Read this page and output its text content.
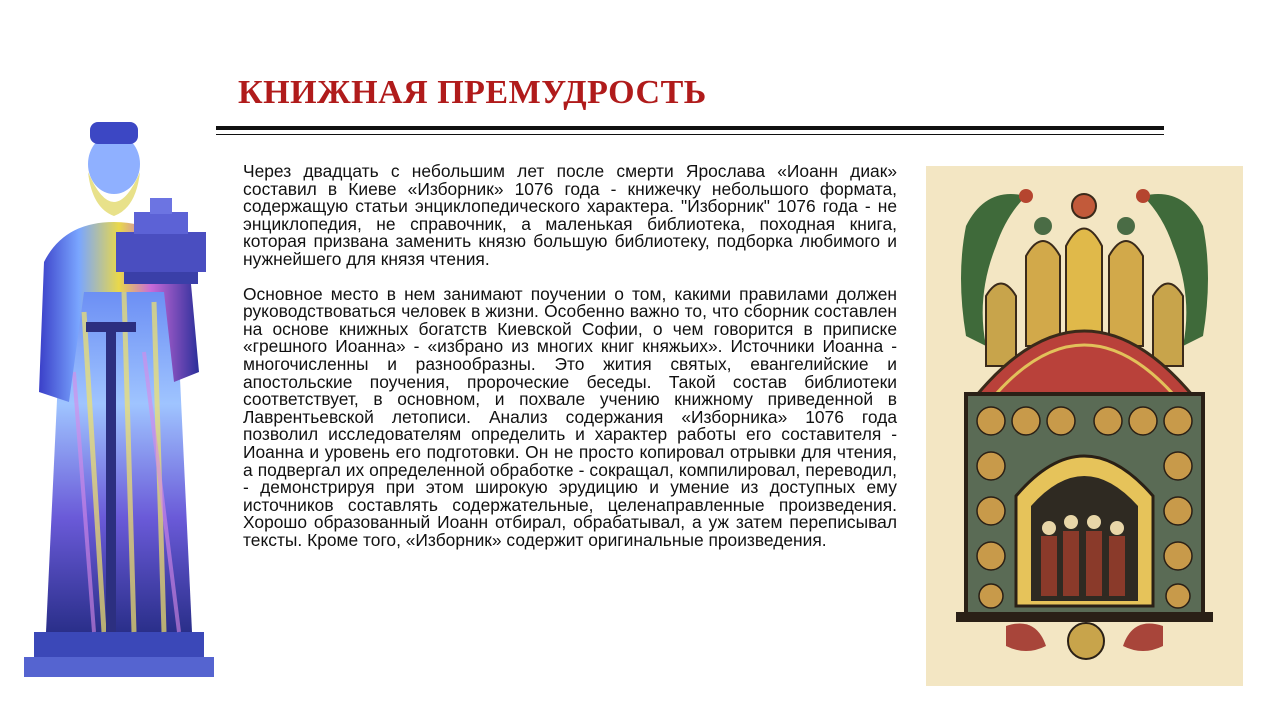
КНИЖНАЯ ПРЕМУДРОСТЬ

Через двадцать с небольшим лет после смерти Ярослава «Иоанн диак» составил в Киеве «Изборник» 1076 года - книжечку небольшого формата, содержащую статьи энциклопедического характера. "Изборник" 1076 года - не энциклопедия, не справочник, а маленькая библиотека, походная книга, которая призвана заменить князю большую библиотеку, подборка любимого и нужнейшего для князя чтения.

Основное место в нем занимают поучении о том, какими правилами должен руководствоваться человек в жизни. Особенно важно то, что сборник составлен на основе книжных богатств Киевской Софии, о чем говорится в приписке «грешного Иоанна» - «избрано из многих книг княжьих». Источники Иоанна - многочисленны и разнообразны. Это жития святых, евангелийские и апостольские поучения, пророческие беседы. Такой состав библиотеки соответствует, в основном, и похвале учению книжному приведенной в Лаврентьевской летописи. Анализ содержания «Изборника» 1076 года позволил исследователям определить и характер работы его составителя - Иоанна и уровень его подготовки. Он не просто копировал отрывки для чтения, а подвергал их определенной обработке - сокращал, компилировал, переводил, - демонстрируя при этом широкую эрудицию и умение из доступных ему источников составлять содержательные, целенаправленные произведения. Хорошо образованный Иоанн отбирал, обрабатывал, а уж затем переписывал тексты. Кроме того, «Изборник» содержит оригинальные произведения.
